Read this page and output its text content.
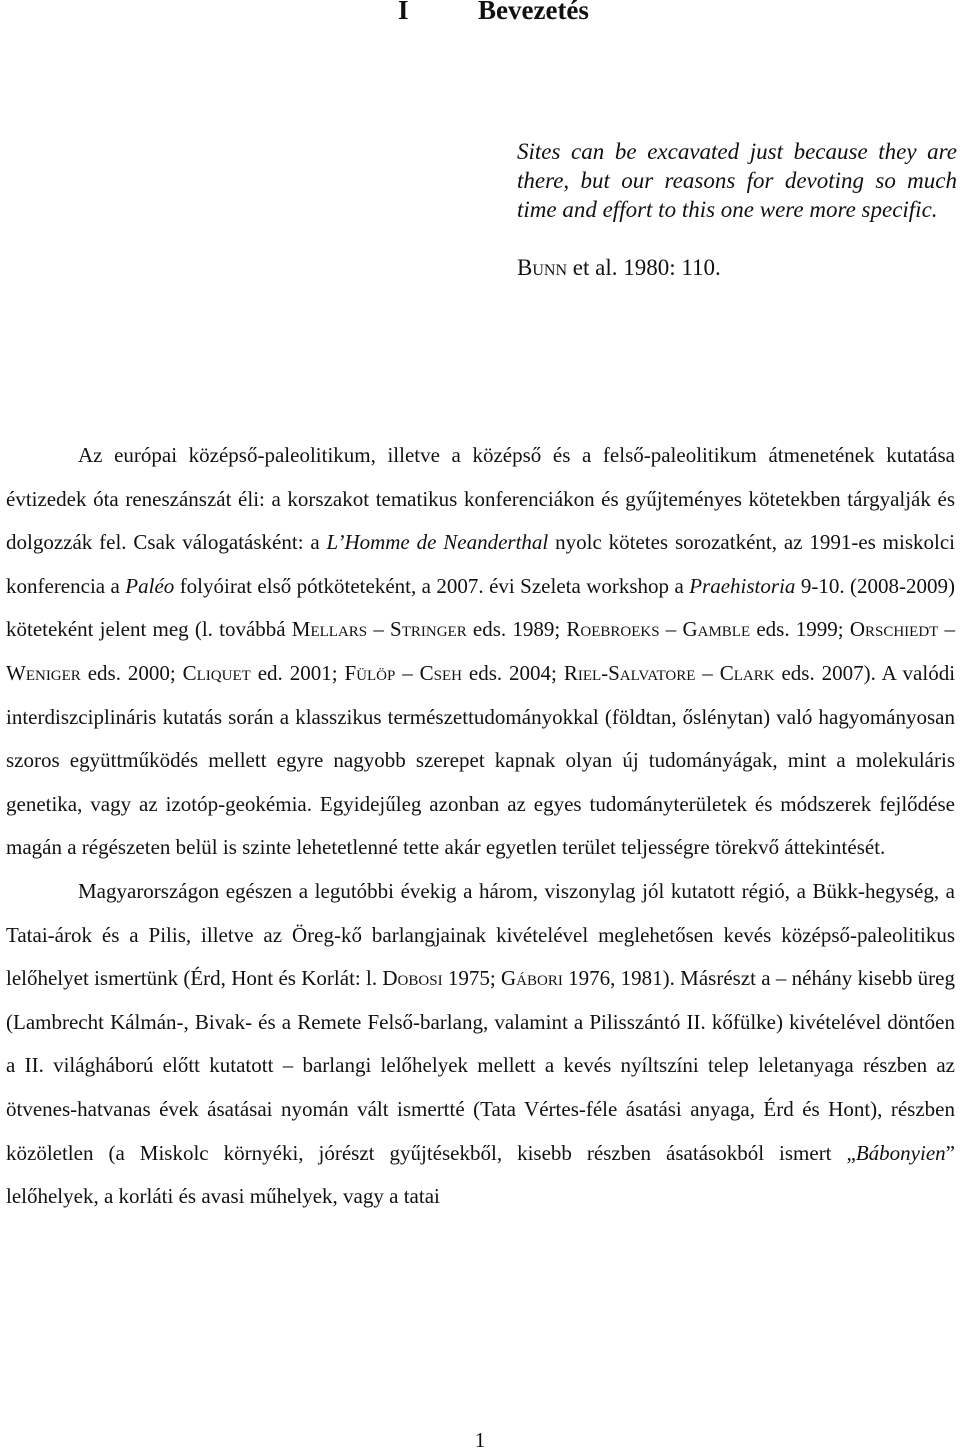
I	Bevezetés

Sites can be excavated just because they are there, but our reasons for devoting so much time and effort to this one were more specific.

Bunn et al. 1980: 110.

Az európai középső-paleolitikum, illetve a középső és a felső-paleolitikum átmenetének kutatása évtizedek óta reneszánszát éli: a korszakot tematikus konferenciákon és gyűjteményes kötetekben tárgyalják és dolgozzák fel. Csak válogatásként: a L’Homme de Neanderthal nyolc kötetes sorozatként, az 1991-es miskolci konferencia a Paléo folyóirat első pótköteteként, a 2007. évi Szeleta workshop a Praehistoria 9-10. (2008-2009) köteteként jelent meg (l. továbbá Mellars – Stringer eds. 1989; Roebroeks – Gamble eds. 1999; Orschiedt – Weniger eds. 2000; Cliquet ed. 2001; Fülöp – Cseh eds. 2004; Riel-Salvatore – Clark eds. 2007). A valódi interdiszciplináris kutatás során a klasszikus természettudományokkal (földtan, őslénytan) való hagyományosan szoros együttműködés mellett egyre nagyobb szerepet kapnak olyan új tudományágak, mint a molekuláris genetika, vagy az izotóp-geokémia. Egyidejűleg azonban az egyes tudományterületek és módszerek fejlődése magán a régészeten belül is szinte lehetetlenné tette akár egyetlen terület teljességre törekvő áttekintését.

Magyarországon egészen a legutóbbi évekig a három, viszonylag jól kutatott régió, a Bükk-hegység, a Tatai-árok és a Pilis, illetve az Öreg-kő barlangjainak kivételével meglehetősen kevés középső-paleolitikus lelőhelyet ismertünk (Érd, Hont és Korlát: l. Dobosi 1975; Gábori 1976, 1981). Másrészt a – néhány kisebb üreg (Lambrecht Kálmán-, Bivak- és a Remete Felső-barlang, valamint a Pilisszántó II. kőfülke) kivételével döntően a II. világháború előtt kutatott – barlangi lelőhelyek mellett a kevés nyíltszíni telep leletanyaga részben az ötvenes-hatvanas évek ásatásai nyomán vált ismertté (Tata Vértes-féle ásatási anyaga, Érd és Hont), részben közöletlen (a Miskolc környéki, jórészt gyűjtésekből, kisebb részben ásatásokból ismert „Bábonyien” lelőhelyek, a korláti és avasi műhelyek, vagy a tatai

1
